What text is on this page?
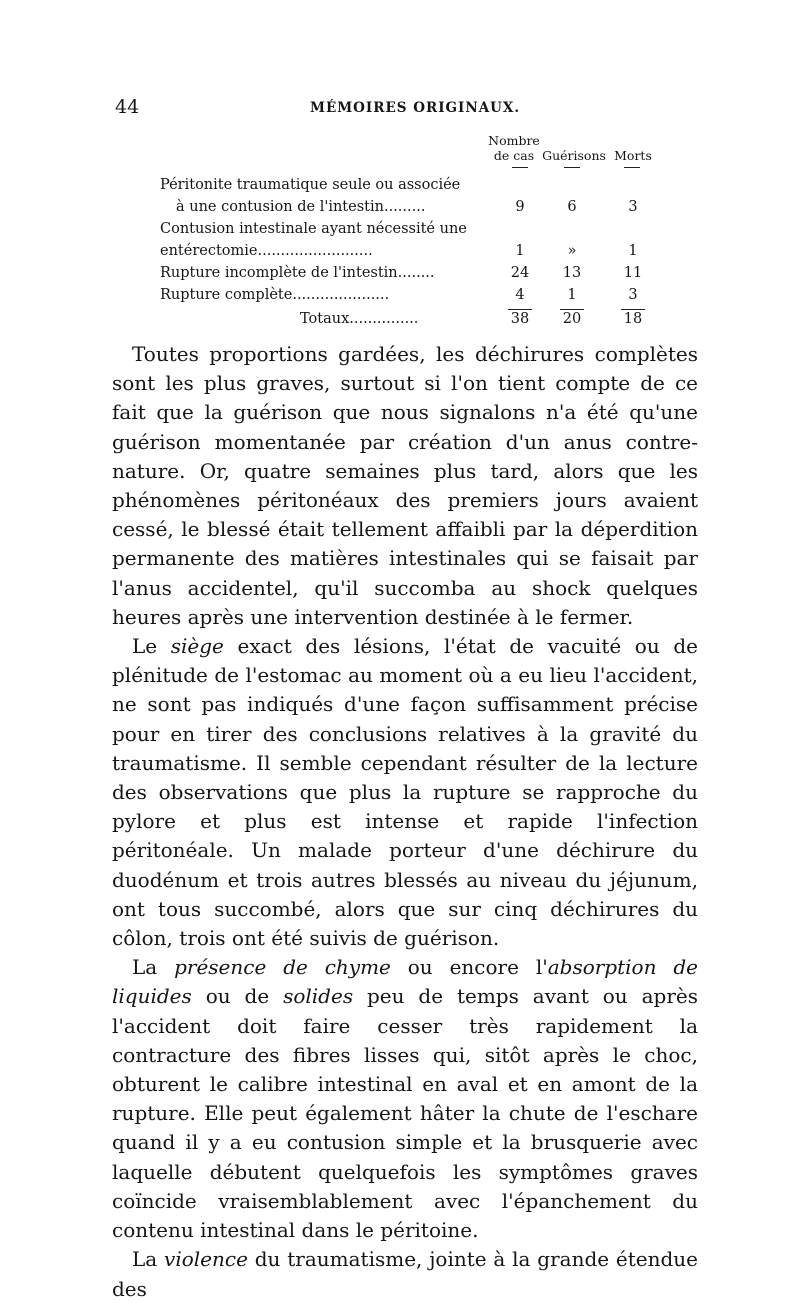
44	MÉMOIRES ORIGINAUX.
Nombre
de cas Guérisons Morts
Péritonite traumatique seule ou associée
à une contusion de l'intestin.........	9	6	3
Contusion intestinale ayant nécessité une
entérectomie.........................	1	»	1
Rupture incomplète de l'intestin........	24	13	11
Rupture complète.....................	4	1	3
Totaux...............	38	20	18

Toutes proportions gardées, les déchirures complètes sont les plus graves, surtout si l'on tient compte de ce fait que la guérison que nous signalons n'a été qu'une guérison momentanée par création d'un anus contre-nature. Or, quatre semaines plus tard, alors que les phénomènes péritonéaux des premiers jours avaient cessé, le blessé était tellement affaibli par la déperdition permanente des matières intestinales qui se faisait par l'anus accidentel, qu'il succomba au shock quelques heures après une intervention destinée à le fermer.

Le siège exact des lésions, l'état de vacuité ou de plénitude de l'estomac au moment où a eu lieu l'accident, ne sont pas indiqués d'une façon suffisamment précise pour en tirer des conclusions relatives à la gravité du traumatisme. Il semble cependant résulter de la lecture des observations que plus la rupture se rapproche du pylore et plus est intense et rapide l'infection péritonéale. Un malade porteur d'une déchirure du duodénum et trois autres blessés au niveau du jéjunum, ont tous succombé, alors que sur cinq déchirures du côlon, trois ont été suivis de guérison.

La présence de chyme ou encore l'absorption de liquides ou de solides peu de temps avant ou après l'accident doit faire cesser très rapidement la contracture des fibres lisses qui, sitôt après le choc, obturent le calibre intestinal en aval et en amont de la rupture. Elle peut également hâter la chute de l'eschare quand il y a eu contusion simple et la brusquerie avec laquelle débutent quelquefois les symptômes graves coïncide vraisemblablement avec l'épanchement du contenu intestinal dans le péritoine.

La violence du traumatisme, jointe à la grande étendue des
